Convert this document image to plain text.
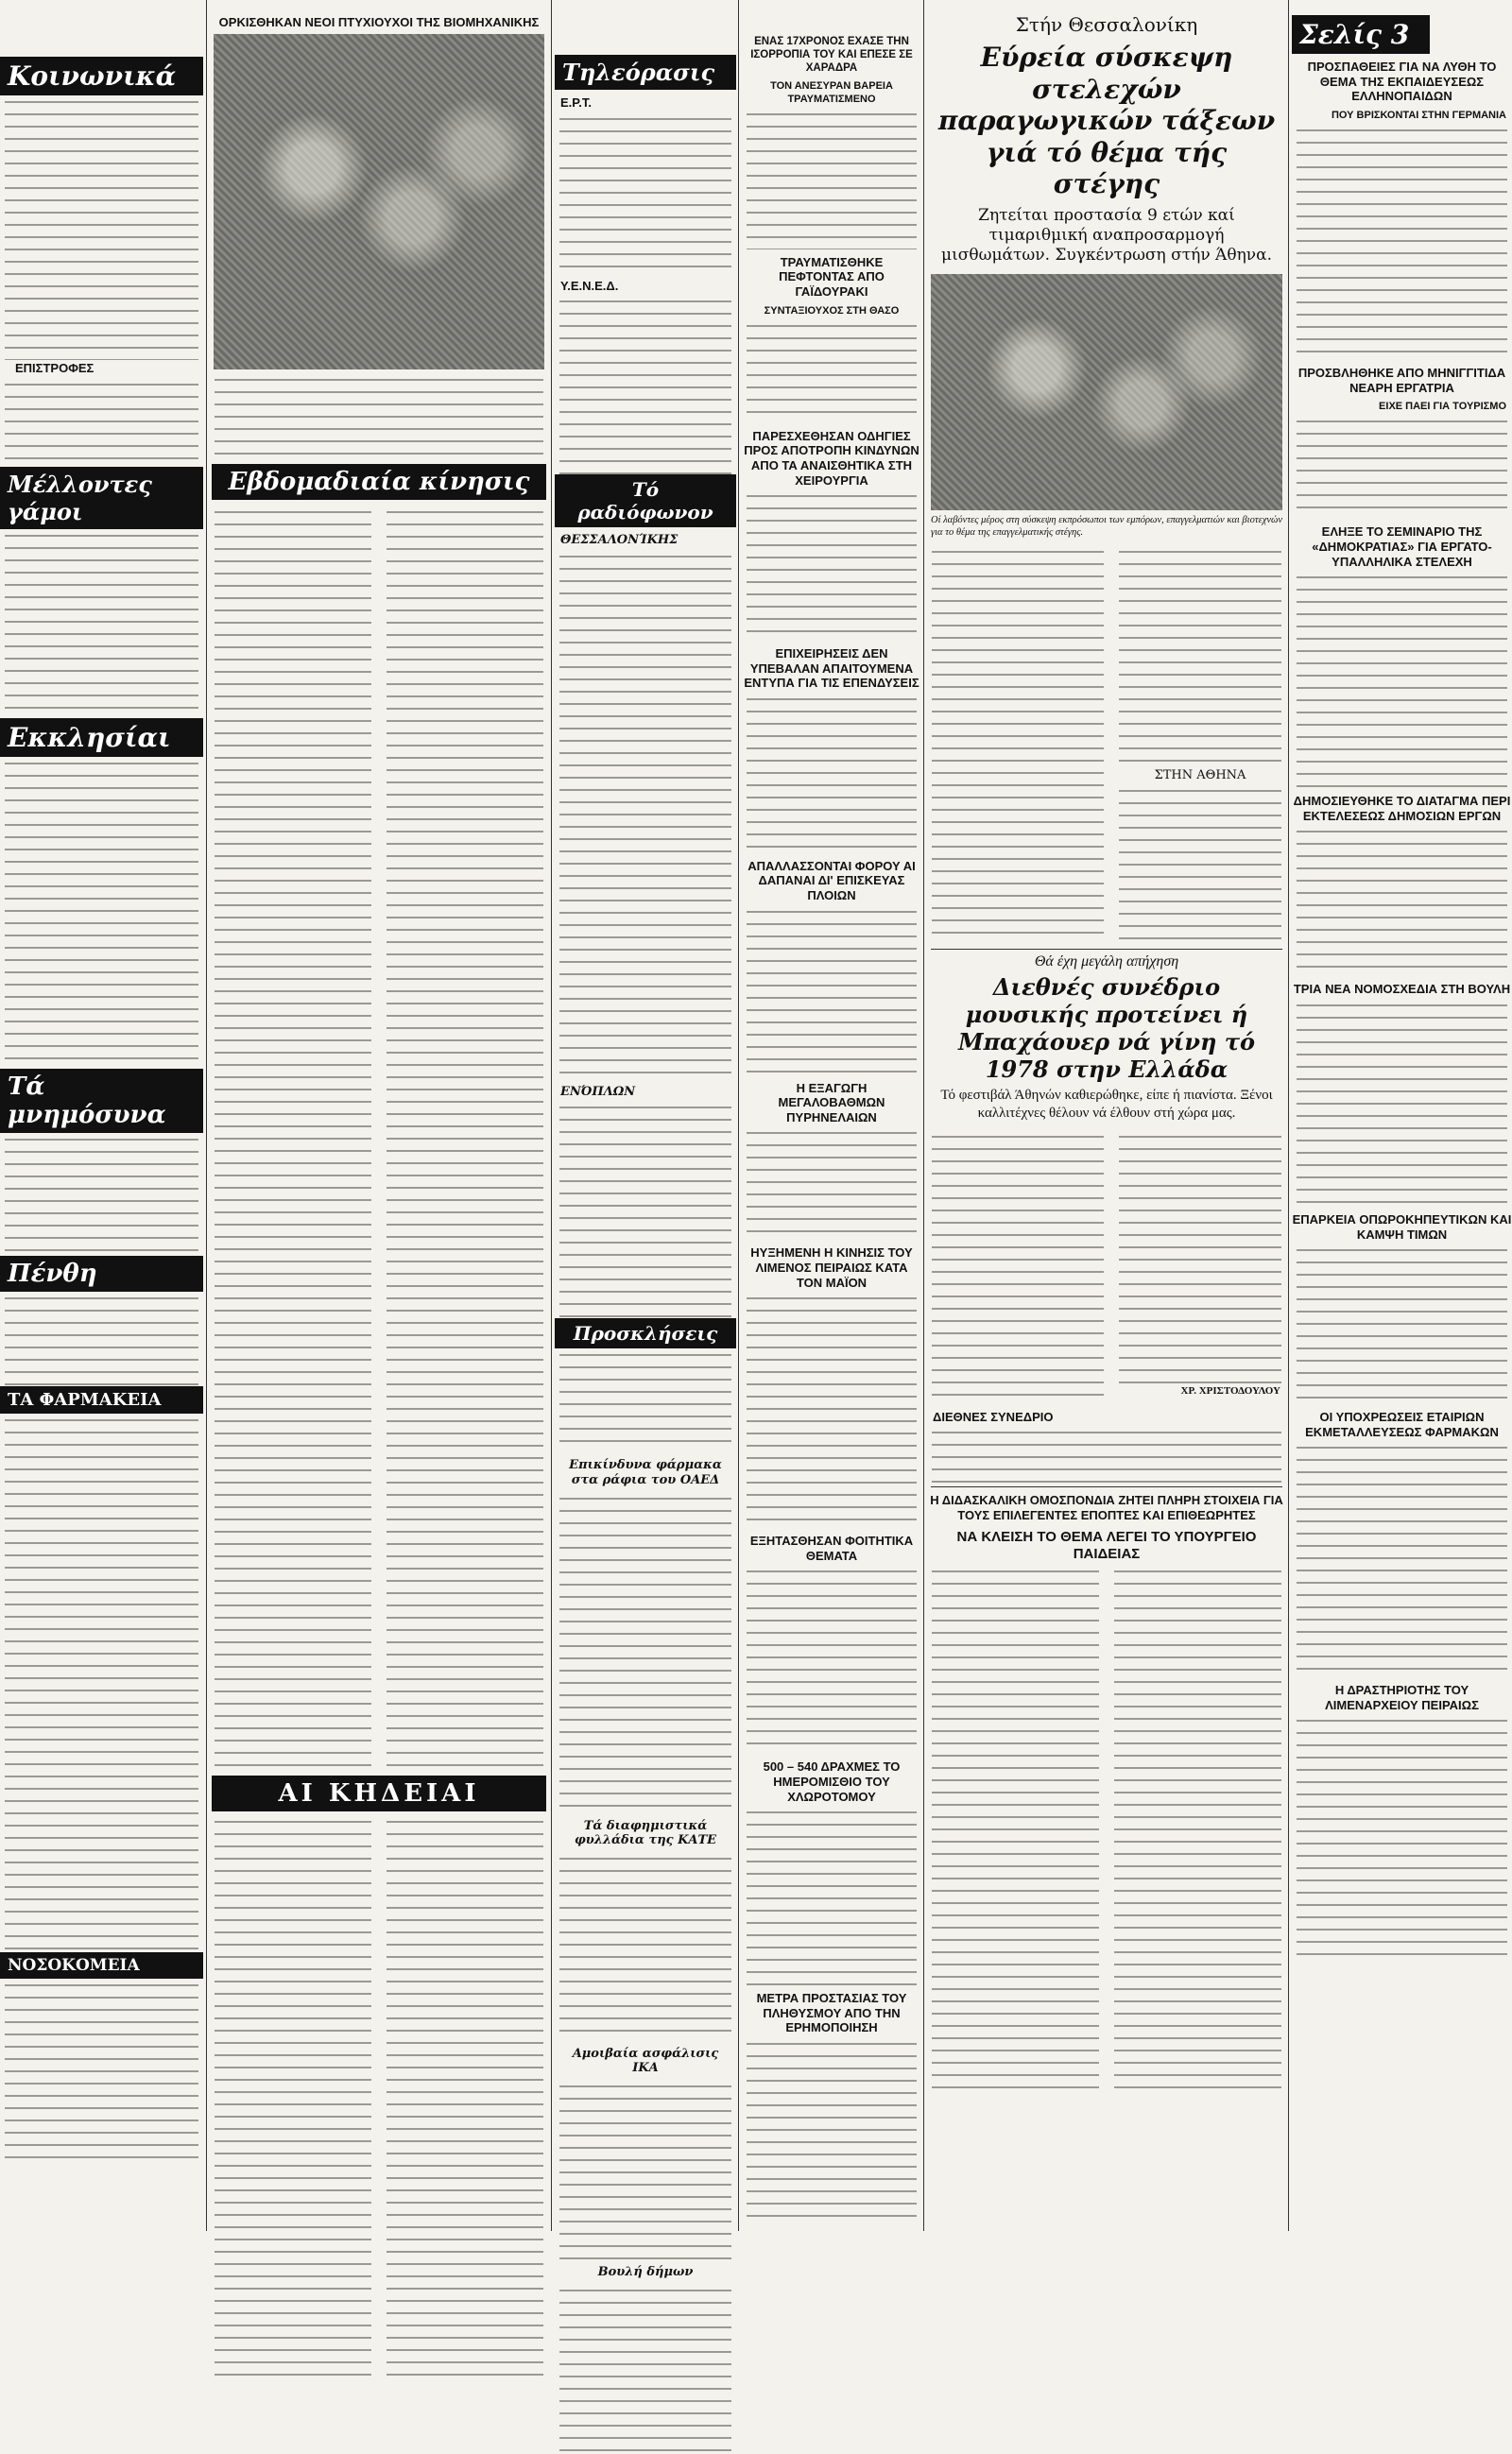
Κοινωνικά
ΕΠΙΣΤΡΟΦΕΣ
Μέλλοντες γάμοι
Εκκλησίαι
Τά μνημόσυνα
Πένθη
ΤΑ ΦΑΡΜΑΚΕΙΑ
ΝΟΣΟΚΟΜΕΙΑ
ΟΡΚΙΣΘΗΚΑΝ ΝΕΟΙ ΠΤΥΧΙΟΥΧΟΙ ΤΗΣ ΒΙΟΜΗΧΑΝΙΚΗΣ
Εβδομαδιαία κίνησις
ΑΙ ΚΗΔΕΙΑΙ
Τηλεόρασις
Ε.Ρ.Τ.
Υ.Ε.Ν.Ε.Δ.
Τό ραδιόφωνον
ΘΕΣΣΑΛΟΝΊΚΗΣ
ΕΝΌΠΛΩΝ
Προσκλήσεις
Επικίνδυνα φάρμακα στα ράφια του ΟΑΕΔ
Τά διαφημιστικά φυλλάδια της ΚΑΤΕ
Αμοιβαία ασφάλισις ΙΚΑ
Βουλή δήμων
ΕΝΑΣ 17ΧΡΟΝΟΣ ΕΧΑΣΕ ΤΗΝ ΙΣΟΡΡΟΠΙΑ ΤΟΥ ΚΑΙ ΕΠΕΣΕ ΣΕ ΧΑΡΑΔΡΑ
ΤΟΝ ΑΝΕΣΥΡΑΝ ΒΑΡΕΙΑ ΤΡΑΥΜΑΤΙΣΜΕΝΟ
ΤΡΑΥΜΑΤΙΣΘΗΚΕ ΠΕΦΤΟΝΤΑΣ ΑΠΟ ΓΑΪΔΟΥΡΑΚΙ
ΣΥΝΤΑΞΙΟΥΧΟΣ ΣΤΗ ΘΑΣΟ
ΠΑΡΕΣΧΕΘΗΣΑΝ ΟΔΗΓΙΕΣ ΠΡΟΣ ΑΠΟΤΡΟΠΗ ΚΙΝΔΥΝΩΝ ΑΠΟ ΤΑ ΑΝΑΙΣΘΗΤΙΚΑ ΣΤΗ ΧΕΙΡΟΥΡΓΙΑ
ΕΠΙΧΕΙΡΗΣΕΙΣ ΔΕΝ ΥΠΕΒΑΛΑΝ ΑΠΑΙΤΟΥΜΕΝΑ ΕΝΤΥΠΑ ΓΙΑ ΤΙΣ ΕΠΕΝΔΥΣΕΙΣ
ΑΠΑΛΛΑΣΣΟΝΤΑΙ ΦΟΡΟΥ ΑΙ ΔΑΠΑΝΑΙ ΔΙ' ΕΠΙΣΚΕΥΑΣ ΠΛΟΙΩΝ
Η ΕΞΑΓΩΓΗ ΜΕΓΑΛΟΒΑΘΜΩΝ ΠΥΡΗΝΕΛΑΙΩΝ
ΗΥΞΗΜΕΝΗ Η ΚΙΝΗΣΙΣ ΤΟΥ ΛΙΜΕΝΟΣ ΠΕΙΡΑΙΩΣ ΚΑΤΑ ΤΟΝ ΜΑΪΟΝ
ΕΞΗΤΑΣΘΗΣΑΝ ΦΟΙΤΗΤΙΚΑ ΘΕΜΑΤΑ
500 – 540 ΔΡΑΧΜΕΣ ΤΟ ΗΜΕΡΟΜΙΣΘΙΟ ΤΟΥ ΧΛΩΡΟΤΟΜΟΥ
ΜΕΤΡΑ ΠΡΟΣΤΑΣΙΑΣ ΤΟΥ ΠΛΗΘΥΣΜΟΥ ΑΠΟ ΤΗΝ ΕΡΗΜΟΠΟΙΗΣΗ
Στήν Θεσσαλονίκη
Εύρεία σύσκεψη στελεχών παραγωγικών τάξεων γιά τό θέμα τής στέγης
Ζητείται προστασία 9 ετών καί τιμαριθμική αναπροσαρμογή μισθωμάτων. Συγκέντρωση στήν Άθηνα.
Οί λαβόντες μέρος στη σύσκεψη εκπρόσωποι των εμπόρων, επαγγελματιών και βιοτεχνών για το θέμα της επαγγελματικής στέγης.
ΣΤΗΝ ΑΘΗΝΑ
Θά έχη μεγάλη απήχηση
Διεθνές συνέδριο μουσικής προτείνει ή Μπαχάουερ νά γίνη τό 1978 στην Ελλάδα
Τό φεστιβάλ Άθηνών καθιερώθηκε, είπε ή πιανίστα. Ξένοι καλλιτέχνες θέλουν νά έλθουν στή χώρα μας.
ΧΡ. ΧΡΙΣΤΟΔΟΥΛΟΥ
ΔΙΕΘΝΕΣ ΣΥΝΕΔΡΙΟ
Η ΔΙΔΑΣΚΑΛΙΚΗ ΟΜΟΣΠΟΝΔΙΑ ΖΗΤΕΙ ΠΛΗΡΗ ΣΤΟΙΧΕΙΑ ΓΙΑ ΤΟΥΣ ΕΠΙΛΕΓΕΝΤΕΣ ΕΠΟΠΤΕΣ ΚΑΙ ΕΠΙΘΕΩΡΗΤΕΣ
ΝΑ ΚΛΕΙΣΗ ΤΟ ΘΕΜΑ ΛΕΓΕΙ ΤΟ ΥΠΟΥΡΓΕΙΟ ΠΑΙΔΕΙΑΣ
Σελίς 3
ΠΡΟΣΠΑΘΕΙΕΣ ΓΙΑ ΝΑ ΛΥΘΗ ΤΟ ΘΕΜΑ ΤΗΣ ΕΚΠΑΙΔΕΥΣΕΩΣ ΕΛΛΗΝΟΠΑΙΔΩΝ
ΠΟΥ ΒΡΙΣΚΟΝΤΑΙ ΣΤΗΝ ΓΕΡΜΑΝΙΑ
ΠΡΟΣΒΛΗΘΗΚΕ ΑΠΟ ΜΗΝΙΓΓΙΤΙΔΑ ΝΕΑΡΗ ΕΡΓΑΤΡΙΑ
ΕΙΧΕ ΠΑΕΙ ΓΙΑ ΤΟΥΡΙΣΜΟ
ΕΛΗΞΕ ΤΟ ΣΕΜΙΝΑΡΙΟ ΤΗΣ «ΔΗΜΟΚΡΑΤΙΑΣ» ΓΙΑ ΕΡΓΑΤΟ-ΥΠΑΛΛΗΛΙΚΑ ΣΤΕΛΕΧΗ
ΔΗΜΟΣΙΕΥΘΗΚΕ ΤΟ ΔΙΑΤΑΓΜΑ ΠΕΡΙ ΕΚΤΕΛΕΣΕΩΣ ΔΗΜΟΣΙΩΝ ΕΡΓΩΝ
ΤΡΙΑ ΝΕΑ ΝΟΜΟΣΧΕΔΙΑ ΣΤΗ ΒΟΥΛΗ
ΕΠΑΡΚΕΙΑ ΟΠΩΡΟΚΗΠΕΥΤΙΚΩΝ ΚΑΙ ΚΑΜΨΗ ΤΙΜΩΝ
ΟΙ ΥΠΟΧΡΕΩΣΕΙΣ ΕΤΑΙΡΙΩΝ ΕΚΜΕΤΑΛΛΕΥΣΕΩΣ ΦΑΡΜΑΚΩΝ
Η ΔΡΑΣΤΗΡΙΟΤΗΣ ΤΟΥ ΛΙΜΕΝΑΡΧΕΙΟΥ ΠΕΙΡΑΙΩΣ
